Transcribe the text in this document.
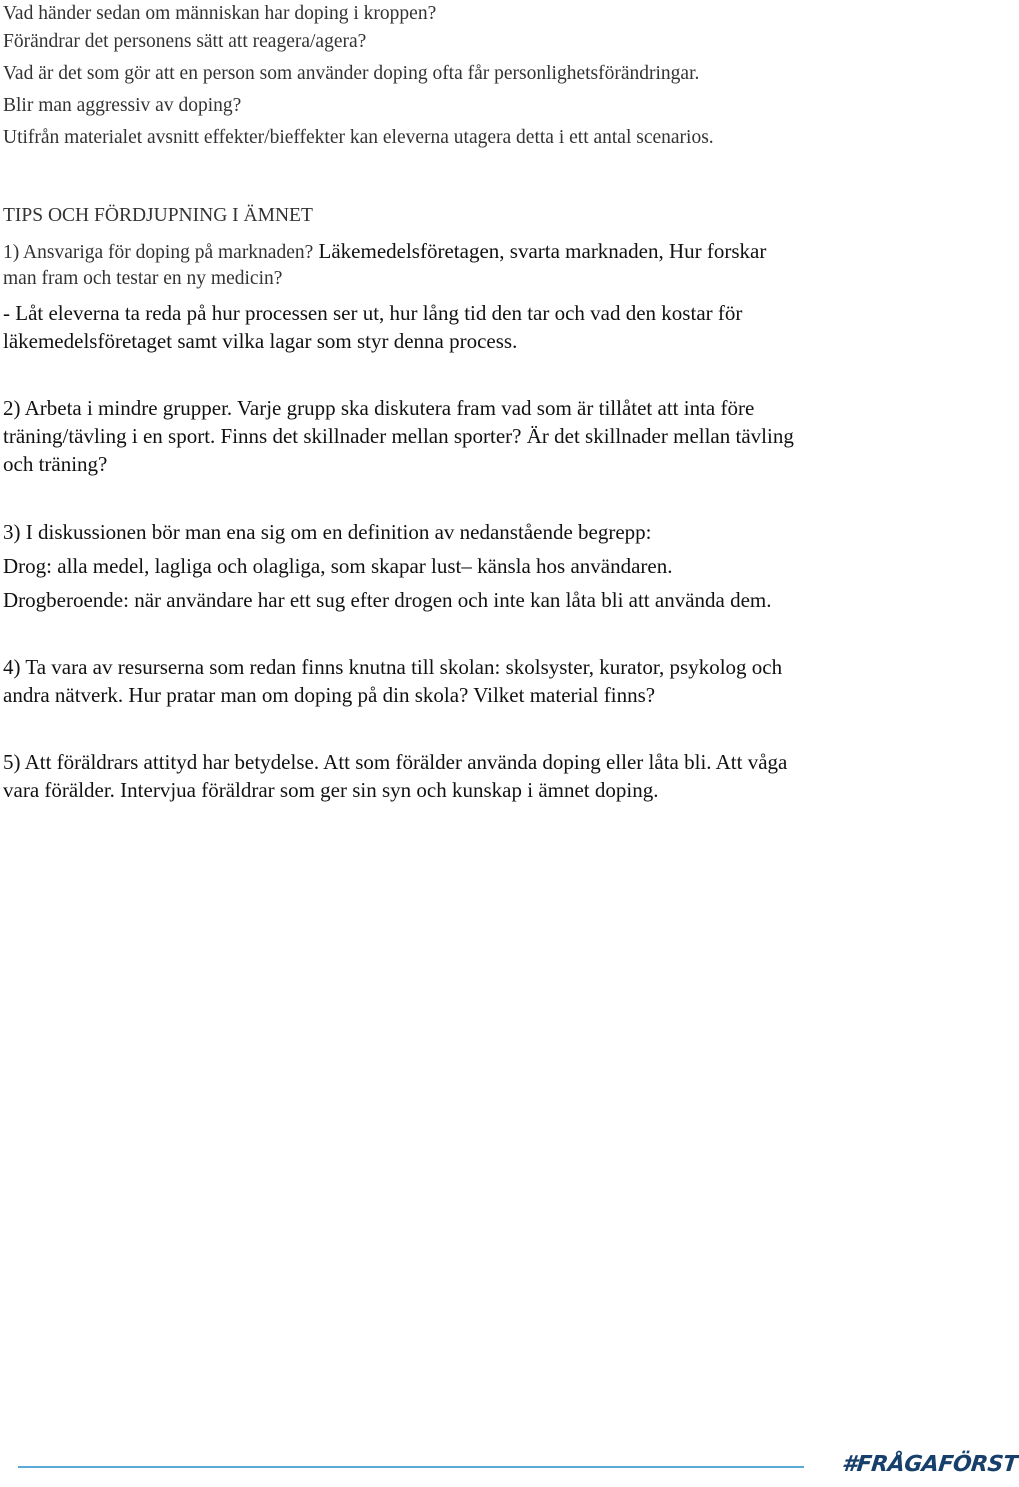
Vad händer sedan om människan har doping i kroppen?
Förändrar det personens sätt att reagera/agera?
Vad är det som gör att en person som använder doping ofta får personlighetsförändringar.
Blir man aggressiv av doping?
Utifrån materialet avsnitt effekter/bieffekter kan eleverna utagera detta i ett antal scenarios.
TIPS OCH FÖRDJUPNING I ÄMNET
1) Ansvariga för doping på marknaden? Läkemedelsföretagen, svarta marknaden, Hur forskar
man fram och testar en ny medicin?
- Låt eleverna ta reda på hur processen ser ut, hur lång tid den tar och vad den kostar för
läkemedelsföretaget samt vilka lagar som styr denna process.
2) Arbeta i mindre grupper. Varje grupp ska diskutera fram vad som är tillåtet att inta före
träning/tävling i en sport. Finns det skillnader mellan sporter? Är det skillnader mellan tävling
och träning?
3) I diskussionen bör man ena sig om en definition av nedanstående begrepp:
Drog: alla medel, lagliga och olagliga, som skapar lust– känsla hos användaren.
Drogberoende: när användare har ett sug efter drogen och inte kan låta bli att använda dem.
4) Ta vara av resurserna som redan finns knutna till skolan: skolsyster, kurator, psykolog och
andra nätverk. Hur pratar man om doping på din skola? Vilket material finns?
5) Att föräldrars attityd har betydelse. Att som förälder använda doping eller låta bli. Att våga
vara förälder. Intervjua föräldrar som ger sin syn och kunskap i ämnet doping.
#FRÅGAFÖRST
